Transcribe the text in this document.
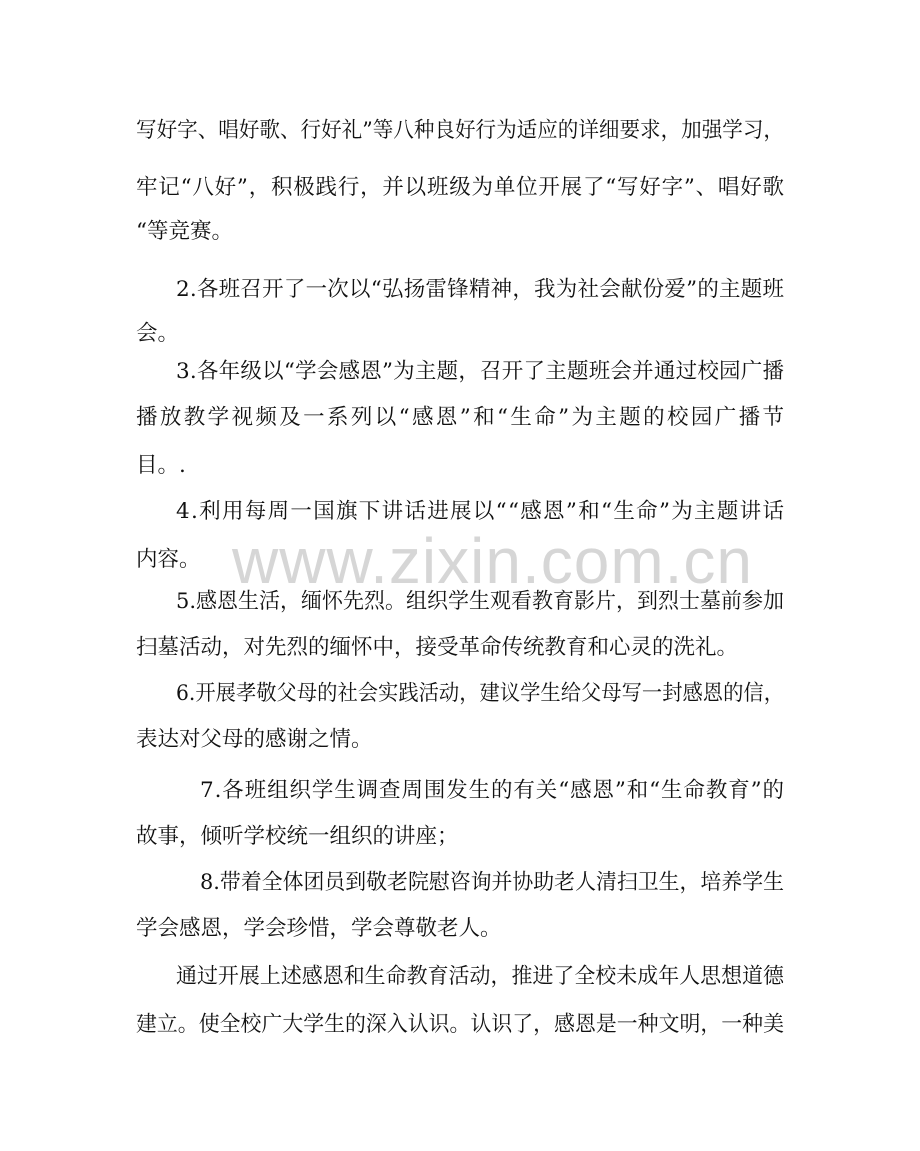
www.zixin.com.cn
写好字、唱好歌、行好礼”等八种良好行为适应的详细要求，加强学习，
牢记“八好”，积极践行，并以班级为单位开展了“写好字”、唱好歌
“等竞赛。
2.各班召开了一次以“弘扬雷锋精神，我为社会献份爱”的主题班
会。
3.各年级以“学会感恩”为主题，召开了主题班会并通过校园广播
播放教学视频及一系列以“感恩”和“生命”为主题的校园广播节
目。.
4.利用每周一国旗下讲话进展以““感恩”和“生命”为主题讲话
内容。
5.感恩生活，缅怀先烈。组织学生观看教育影片，到烈士墓前参加
扫墓活动，对先烈的缅怀中，接受革命传统教育和心灵的洗礼。
6.开展孝敬父母的社会实践活动，建议学生给父母写一封感恩的信，
表达对父母的感谢之情。
7.各班组织学生调查周围发生的有关“感恩”和“生命教育”的
故事，倾听学校统一组织的讲座；
8.带着全体团员到敬老院慰咨询并协助老人清扫卫生，培养学生
学会感恩，学会珍惜，学会尊敬老人。
通过开展上述感恩和生命教育活动，推进了全校未成年人思想道德
建立。使全校广大学生的深入认识。认识了，感恩是一种文明，一种美
